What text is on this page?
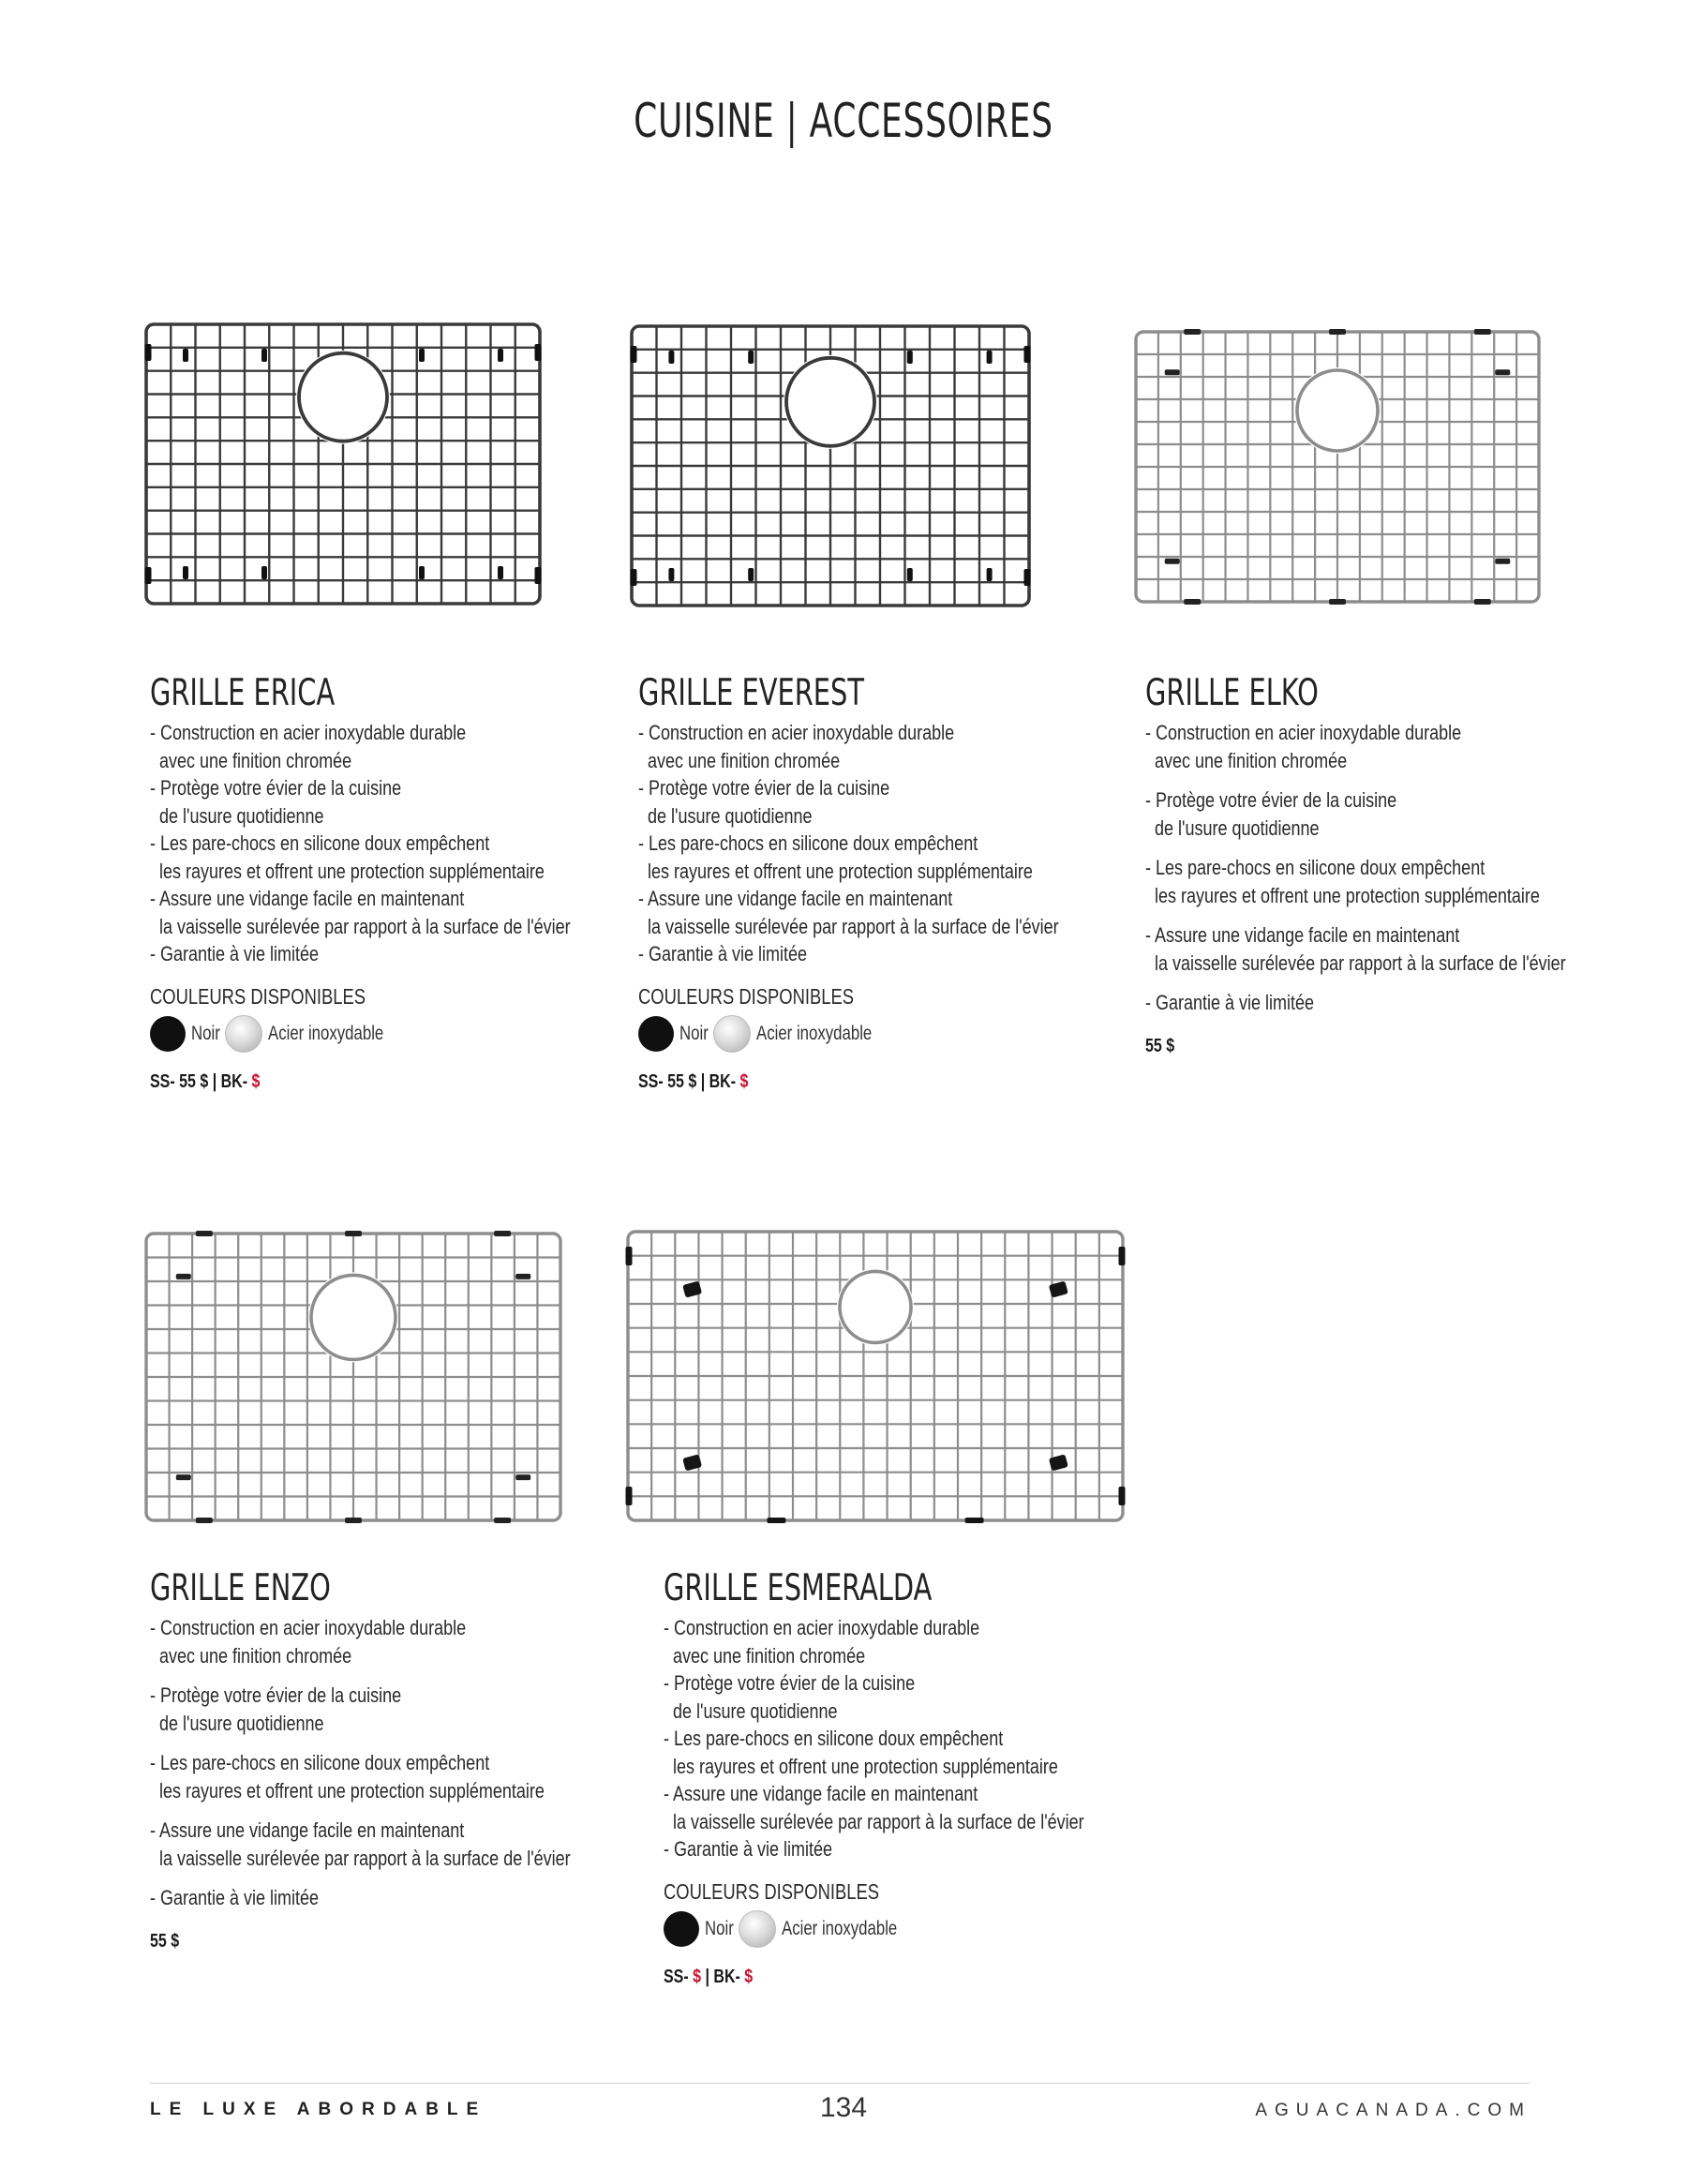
CUISINE | ACCESSOIRES
GRILLE ERICA
- Construction en acier inoxydable durable
avec une finition chromée
- Protège votre évier de la cuisine
de l'usure quotidienne
- Les pare-chocs en silicone doux empêchent
les rayures et offrent une protection supplémentaire
- Assure une vidange facile en maintenant
la vaisselle surélevée par rapport à la surface de l'évier
- Garantie à vie limitée
COULEURS DISPONIBLES
Noir Acier inoxydable
SS- 55 $ | BK- $
GRILLE EVEREST
- Construction en acier inoxydable durable
avec une finition chromée
- Protège votre évier de la cuisine
de l'usure quotidienne
- Les pare-chocs en silicone doux empêchent
les rayures et offrent une protection supplémentaire
- Assure une vidange facile en maintenant
la vaisselle surélevée par rapport à la surface de l'évier
- Garantie à vie limitée
COULEURS DISPONIBLES
Noir Acier inoxydable
SS- 55 $ | BK- $
GRILLE ELKO
- Construction en acier inoxydable durable
avec une finition chromée
- Protège votre évier de la cuisine
de l'usure quotidienne
- Les pare-chocs en silicone doux empêchent
les rayures et offrent une protection supplémentaire
- Assure une vidange facile en maintenant
la vaisselle surélevée par rapport à la surface de l'évier
- Garantie à vie limitée
55 $
GRILLE ENZO
- Construction en acier inoxydable durable
avec une finition chromée
- Protège votre évier de la cuisine
de l'usure quotidienne
- Les pare-chocs en silicone doux empêchent
les rayures et offrent une protection supplémentaire
- Assure une vidange facile en maintenant
la vaisselle surélevée par rapport à la surface de l'évier
- Garantie à vie limitée
55 $
GRILLE ESMERALDA
- Construction en acier inoxydable durable
avec une finition chromée
- Protège votre évier de la cuisine
de l'usure quotidienne
- Les pare-chocs en silicone doux empêchent
les rayures et offrent une protection supplémentaire
- Assure une vidange facile en maintenant
la vaisselle surélevée par rapport à la surface de l'évier
- Garantie à vie limitée
COULEURS DISPONIBLES
Noir Acier inoxydable
SS- $ | BK- $
LE LUXE ABORDABLE	134	AGUACANADA.COM
